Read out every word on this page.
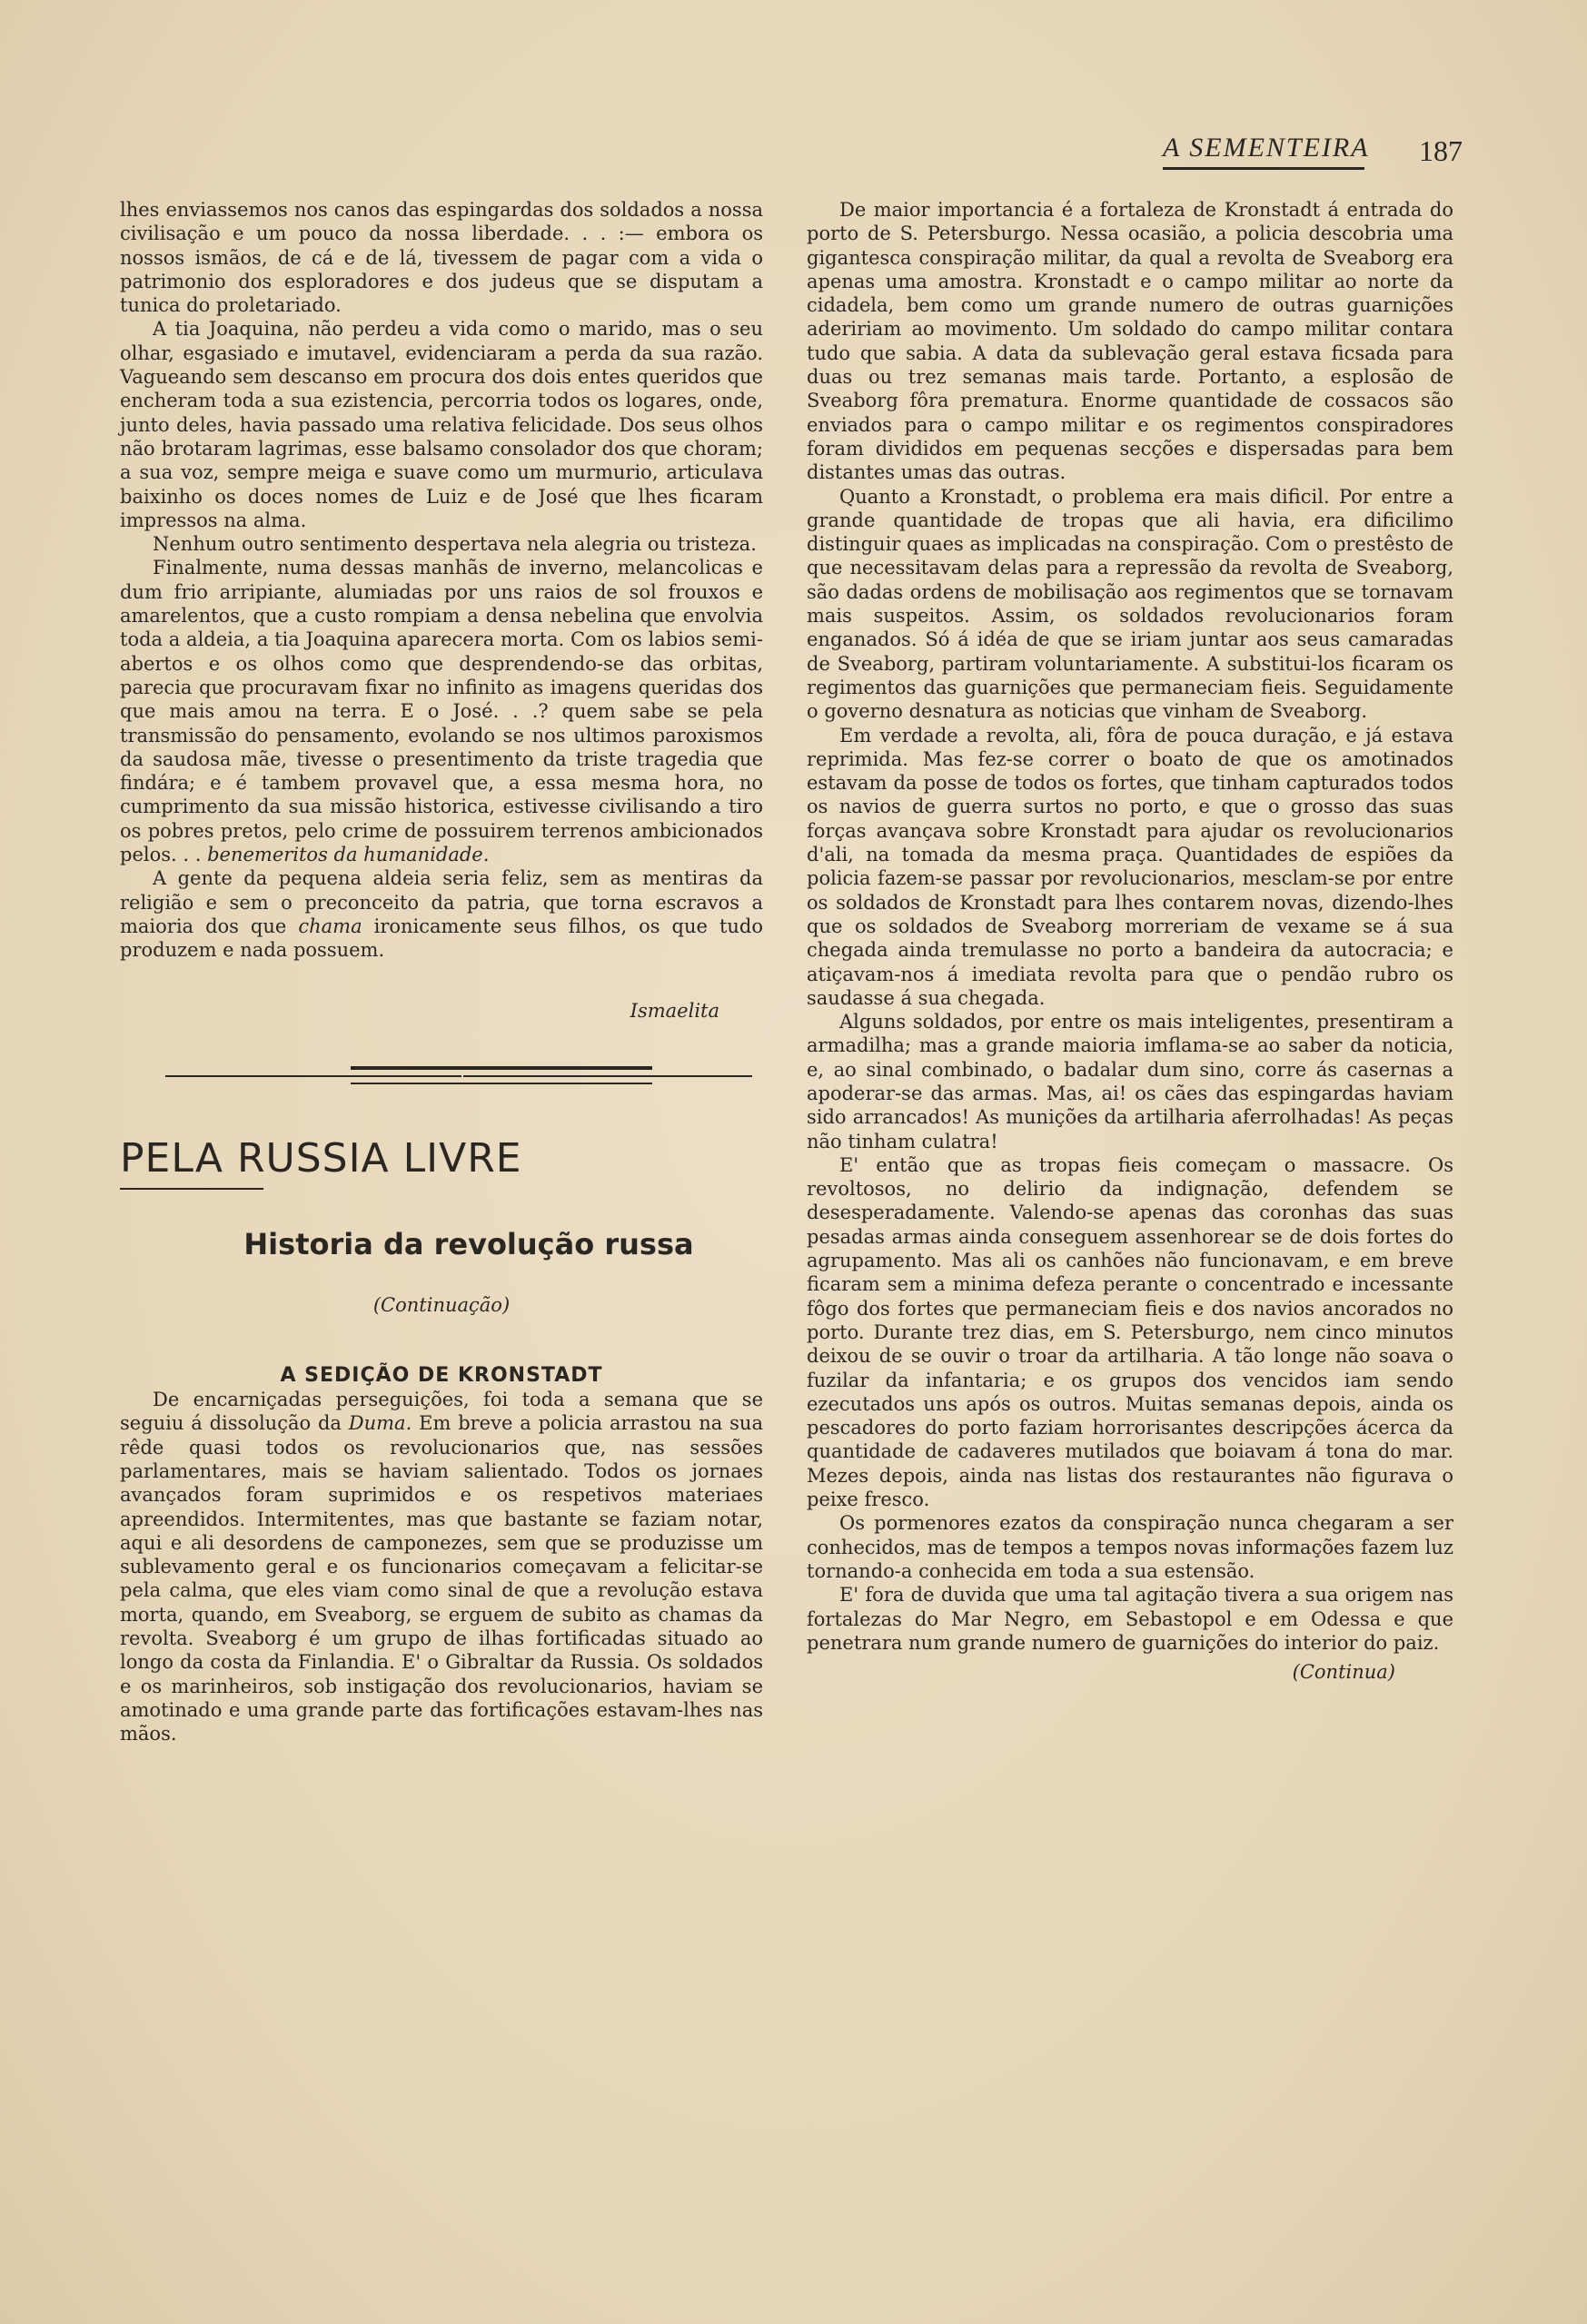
A SEMENTEIRA 187

lhes enviassemos nos canos das espingardas dos soldados a nossa civilisação e um pouco da nossa liberdade. . . :— embora os nossos ismãos, de cá e de lá, tivessem de pagar com a vida o patrimonio dos esploradores e dos judeus que se disputam a tunica do proletariado.

A tia Joaquina, não perdeu a vida como o marido, mas o seu olhar, esgasiado e imutavel, evidenciaram a perda da sua razão. Vagueando sem descanso em procura dos dois entes queridos que encheram toda a sua ezistencia, percorria todos os logares, onde, junto deles, havia passado uma relativa felicidade. Dos seus olhos não brotaram lagrimas, esse balsamo consolador dos que choram; a sua voz, sempre meiga e suave como um murmurio, articulava baixinho os doces nomes de Luiz e de José que lhes ficaram impressos na alma.

Nenhum outro sentimento despertava nela alegria ou tristeza.

Finalmente, numa dessas manhãs de inverno, melancolicas e dum frio arripiante, alumiadas por uns raios de sol frouxos e amarelentos, que a custo rompiam a densa nebelina que envolvia toda a aldeia, a tia Joaquina aparecera morta. Com os labios semi-abertos e os olhos como que desprendendo-se das orbitas, parecia que procuravam fixar no infinito as imagens queridas dos que mais amou na terra. E o José. . .? quem sabe se pela transmissão do pensamento, evolando se nos ultimos paroxismos da saudosa mãe, tivesse o presentimento da triste tragedia que findára; e é tambem provavel que, a essa mesma hora, no cumprimento da sua missão historica, estivesse civilisando a tiro os pobres pretos, pelo crime de possuirem terrenos ambicionados pelos. . . benemeritos da humanidade.

A gente da pequena aldeia seria feliz, sem as mentiras da religião e sem o preconceito da patria, que torna escravos a maioria dos que chama ironicamente seus filhos, os que tudo produzem e nada possuem.

Ismaelita
PELA RUSSIA LIVRE
Historia da revolução russa
(Continuação)
A SEDIÇÃO DE KRONSTADT

De encarniçadas perseguições, foi toda a semana que se seguiu á dissolução da Duma. Em breve a policia arrastou na sua rêde quasi todos os revolucionarios que, nas sessões parlamentares, mais se haviam salientado. Todos os jornaes avançados foram suprimidos e os respetivos materiaes apreendidos. Intermitentes, mas que bastante se faziam notar, aqui e ali desordens de camponezes, sem que se produzisse um sublevamento geral e os funcionarios começavam a felicitar-se pela calma, que eles viam como sinal de que a revolução estava morta, quando, em Sveaborg, se erguem de subito as chamas da revolta. Sveaborg é um grupo de ilhas fortificadas situado ao longo da costa da Finlandia. E' o Gibraltar da Russia. Os soldados e os marinheiros, sob instigação dos revolucionarios, haviam se amotinado e uma grande parte das fortificações estavam-lhes nas mãos.

De maior importancia é a fortaleza de Kronstadt á entrada do porto de S. Petersburgo. Nessa ocasião, a policia descobria uma gigantesca conspiração militar, da qual a revolta de Sveaborg era apenas uma amostra. Kronstadt e o campo militar ao norte da cidadela, bem como um grande numero de outras guarnições adeririam ao movimento. Um soldado do campo militar contara tudo que sabia. A data da sublevação geral estava ficsada para duas ou trez semanas mais tarde. Portanto, a esplosão de Sveaborg fôra prematura. Enorme quantidade de cossacos são enviados para o campo militar e os regimentos conspiradores foram divididos em pequenas secções e dispersadas para bem distantes umas das outras.

Quanto a Kronstadt, o problema era mais dificil. Por entre a grande quantidade de tropas que ali havia, era dificilimo distinguir quaes as implicadas na conspiração. Com o prestêsto de que necessitavam delas para a repressão da revolta de Sveaborg, são dadas ordens de mobilisação aos regimentos que se tornavam mais suspeitos. Assim, os soldados revolucionarios foram enganados. Só á idéa de que se iriam juntar aos seus camaradas de Sveaborg, partiram voluntariamente. A substitui-los ficaram os regimentos das guarnições que permaneciam fieis. Seguidamente o governo desnatura as noticias que vinham de Sveaborg.

Em verdade a revolta, ali, fôra de pouca duração, e já estava reprimida. Mas fez-se correr o boato de que os amotinados estavam da posse de todos os fortes, que tinham capturados todos os navios de guerra surtos no porto, e que o grosso das suas forças avançava sobre Kronstadt para ajudar os revolucionarios d'ali, na tomada da mesma praça. Quantidades de espiões da policia fazem-se passar por revolucionarios, mesclam-se por entre os soldados de Kronstadt para lhes contarem novas, dizendo-lhes que os soldados de Sveaborg morreriam de vexame se á sua chegada ainda tremulasse no porto a bandeira da autocracia; e atiçavam-nos á imediata revolta para que o pendão rubro os saudasse á sua chegada.

Alguns soldados, por entre os mais inteligentes, presentiram a armadilha; mas a grande maioria imflama-se ao saber da noticia, e, ao sinal combinado, o badalar dum sino, corre ás casernas a apoderar-se das armas. Mas, ai! os cães das espingardas haviam sido arrancados! As munições da artilharia aferrolhadas! As peças não tinham culatra!

E' então que as tropas fieis começam o massacre. Os revoltosos, no delirio da indignação, defendem se desesperadamente. Valendo-se apenas das coronhas das suas pesadas armas ainda conseguem assenhorear se de dois fortes do agrupamento. Mas ali os canhões não funcionavam, e em breve ficaram sem a minima defeza perante o concentrado e incessante fôgo dos fortes que permaneciam fieis e dos navios ancorados no porto. Durante trez dias, em S. Petersburgo, nem cinco minutos deixou de se ouvir o troar da artilharia. A tão longe não soava o fuzilar da infantaria; e os grupos dos vencidos iam sendo ezecutados uns após os outros. Muitas semanas depois, ainda os pescadores do porto faziam horrorisantes descripções ácerca da quantidade de cadaveres mutilados que boiavam á tona do mar. Mezes depois, ainda nas listas dos restaurantes não figurava o peixe fresco.

Os pormenores ezatos da conspiração nunca chegaram a ser conhecidos, mas de tempos a tempos novas informações fazem luz tornando-a conhecida em toda a sua estensão.

E' fora de duvida que uma tal agitação tivera a sua origem nas fortalezas do Mar Negro, em Sebastopol e em Odessa e que penetrara num grande numero de guarnições do interior do paiz.

(Continua)
